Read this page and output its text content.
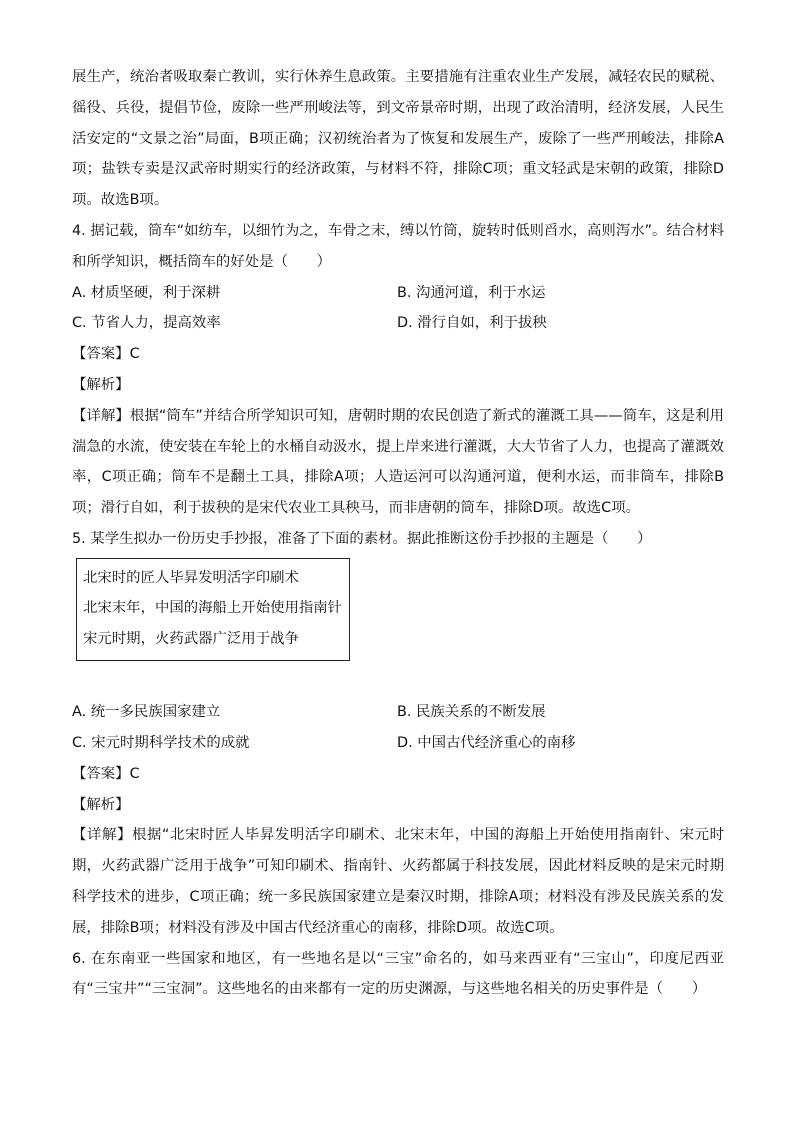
展生产，统治者吸取秦亡教训，实行休养生息政策。主要措施有注重农业生产发展，减轻农民的赋税、徭役、兵役，提倡节俭，废除一些严刑峻法等，到文帝景帝时期，出现了政治清明，经济发展，人民生活安定的“文景之治”局面，B项正确；汉初统治者为了恢复和发展生产，废除了一些严刑峻法，排除A项；盐铁专卖是汉武帝时期实行的经济政策，与材料不符，排除C项；重文轻武是宋朝的政策，排除D项。故选B项。

4. 据记载，筒车“如纺车，以细竹为之，车骨之末，缚以竹筒，旋转时低则舀水，高则泻水”。结合材料和所学知识，概括筒车的好处是（　　）

A. 材质坚硬，利于深耕	B. 沟通河道，利于水运
C. 节省人力，提高效率	D. 滑行自如，利于拔秧
【答案】C
【解析】

【详解】根据“筒车”并结合所学知识可知，唐朝时期的农民创造了新式的灌溉工具——筒车，这是利用湍急的水流，使安装在车轮上的水桶自动汲水，提上岸来进行灌溉，大大节省了人力，也提高了灌溉效率，C项正确；筒车不是翻土工具，排除A项；人造运河可以沟通河道，便利水运，而非筒车，排除B项；滑行自如，利于拔秧的是宋代农业工具秧马，而非唐朝的筒车，排除D项。故选C项。

5. 某学生拟办一份历史手抄报，准备了下面的素材。据此推断这份手抄报的主题是（　　）

北宋时的匠人毕昇发明活字印刷术
北宋末年，中国的海船上开始使用指南针
宋元时期，火药武器广泛用于战争
A. 统一多民族国家建立	B. 民族关系的不断发展
C. 宋元时期科学技术的成就	D. 中国古代经济重心的南移
【答案】C
【解析】

【详解】根据“北宋时匠人毕昇发明活字印刷术、北宋末年，中国的海船上开始使用指南针、宋元时期，火药武器广泛用于战争”可知印刷术、指南针、火药都属于科技发展，因此材料反映的是宋元时期科学技术的进步，C项正确；统一多民族国家建立是秦汉时期，排除A项；材料没有涉及民族关系的发展，排除B项；材料没有涉及中国古代经济重心的南移，排除D项。故选C项。

6. 在东南亚一些国家和地区，有一些地名是以“三宝”命名的，如马来西亚有“三宝山”，印度尼西亚有“三宝井”“三宝洞”。这些地名的由来都有一定的历史渊源，与这些地名相关的历史事件是（　　）
